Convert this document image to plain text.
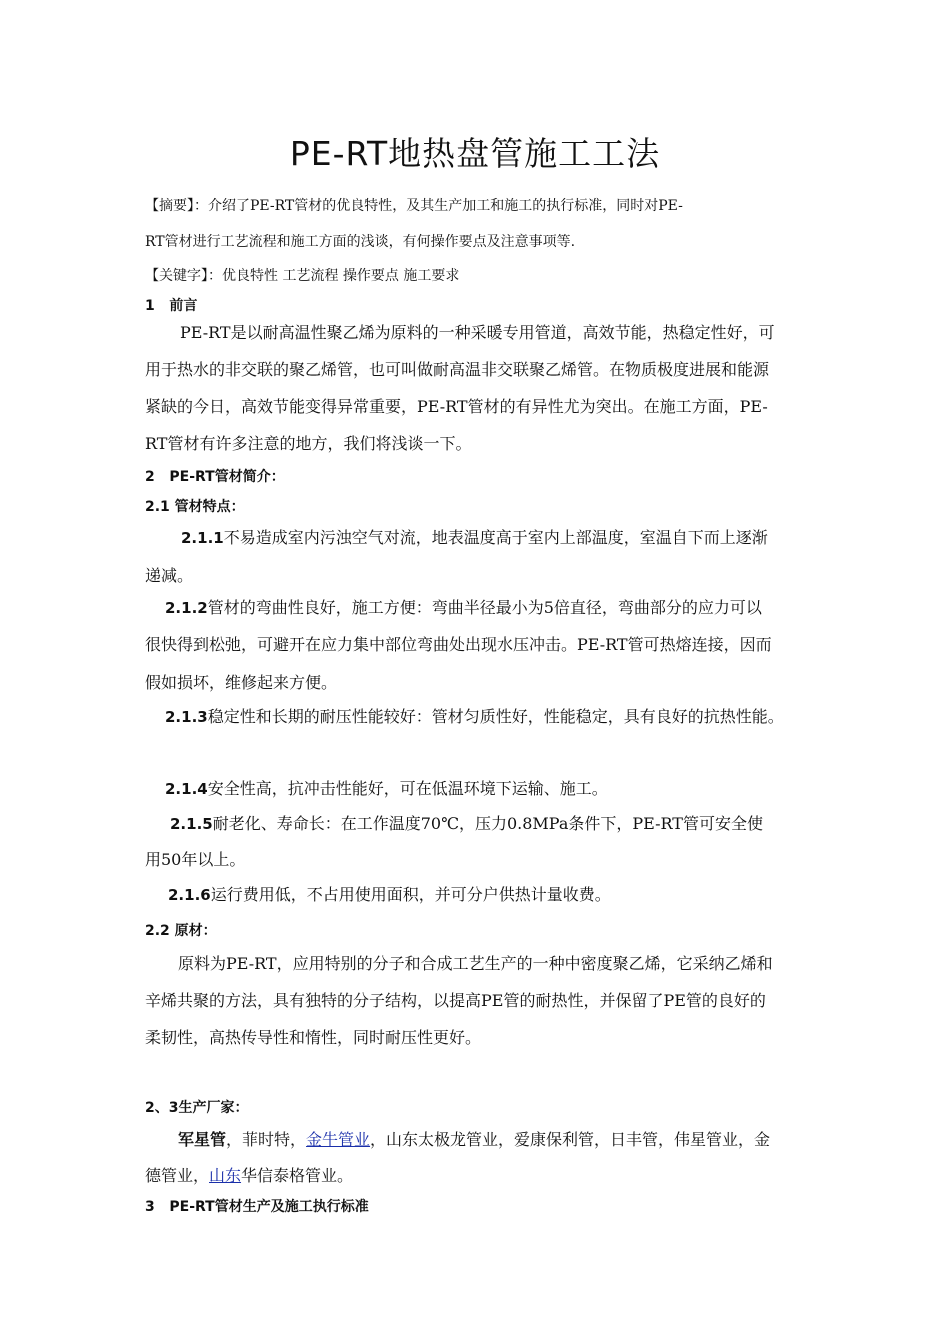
PE-RT地热盘管施工工法
【摘要】：介绍了PE-RT管材的优良特性，及其生产加工和施工的执行标准，同时对PE-
RT管材进行工艺流程和施工方面的浅谈，有何操作要点及注意事项等.
【关键字】：优良特性 工艺流程 操作要点 施工要求
1   前言
PE-RT是以耐高温性聚乙烯为原料的一种采暖专用管道，高效节能，热稳定性好，可
用于热水的非交联的聚乙烯管，也可叫做耐高温非交联聚乙烯管。在物质极度进展和能源
紧缺的今日，高效节能变得异常重要，PE-RT管材的有异性尤为突出。在施工方面，PE-
RT管材有许多注意的地方，我们将浅谈一下。
2   PE-RT管材简介：
2.1 管材特点：
2.1.1不易造成室内污浊空气对流，地表温度高于室内上部温度，室温自下而上逐渐
递减。
2.1.2管材的弯曲性良好，施工方便：弯曲半径最小为5倍直径，弯曲部分的应力可以
很快得到松弛，可避开在应力集中部位弯曲处出现水压冲击。PE-RT管可热熔连接，因而
假如损坏，维修起来方便。
2.1.3稳定性和长期的耐压性能较好：管材匀质性好，性能稳定，具有良好的抗热性能。
2.1.4安全性高，抗冲击性能好，可在低温环境下运输、施工。
2.1.5耐老化、寿命长：在工作温度70℃，压力0.8MPa条件下，PE-RT管可安全使
用50年以上。
2.1.6运行费用低，不占用使用面积，并可分户供热计量收费。
2.2 原材：
原料为PE-RT，应用特别的分子和合成工艺生产的一种中密度聚乙烯，它采纳乙烯和
辛烯共聚的方法，具有独特的分子结构，以提高PE管的耐热性，并保留了PE管的良好的
柔韧性，高热传导性和惰性，同时耐压性更好。
2、3生产厂家：
军星管，菲时特，金牛管业，山东太极龙管业，爱康保利管，日丰管，伟星管业，金
德管业，山东华信泰格管业。
3   PE-RT管材生产及施工执行标准
